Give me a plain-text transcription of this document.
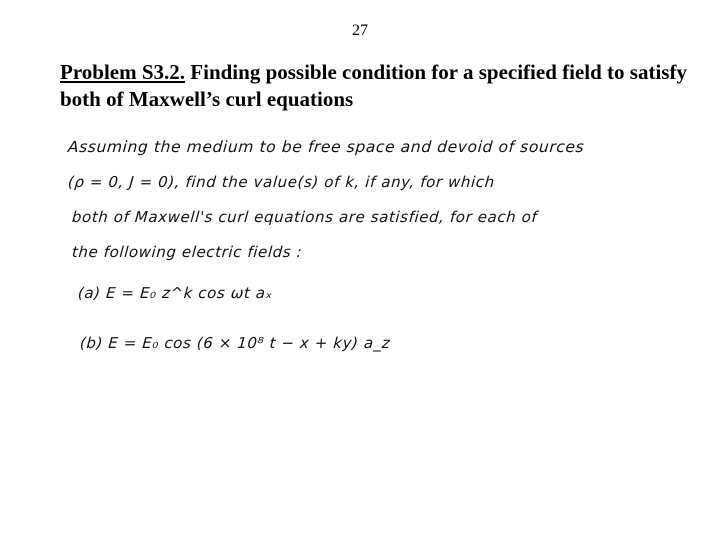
27
Problem S3.2. Finding possible condition for a specified field to satisfy both of Maxwell’s curl equations
Assuming the medium to be free space and devoid of sources
(ρ = 0, J = 0), find the value(s) of k, if any, for which
both of Maxwell's curl equations are satisfied, for each of
the following electric fields :
(a) E = E₀ z^k cos ωt aₓ
(b) E = E₀ cos (6 × 10⁸ t − x + ky) a_z
